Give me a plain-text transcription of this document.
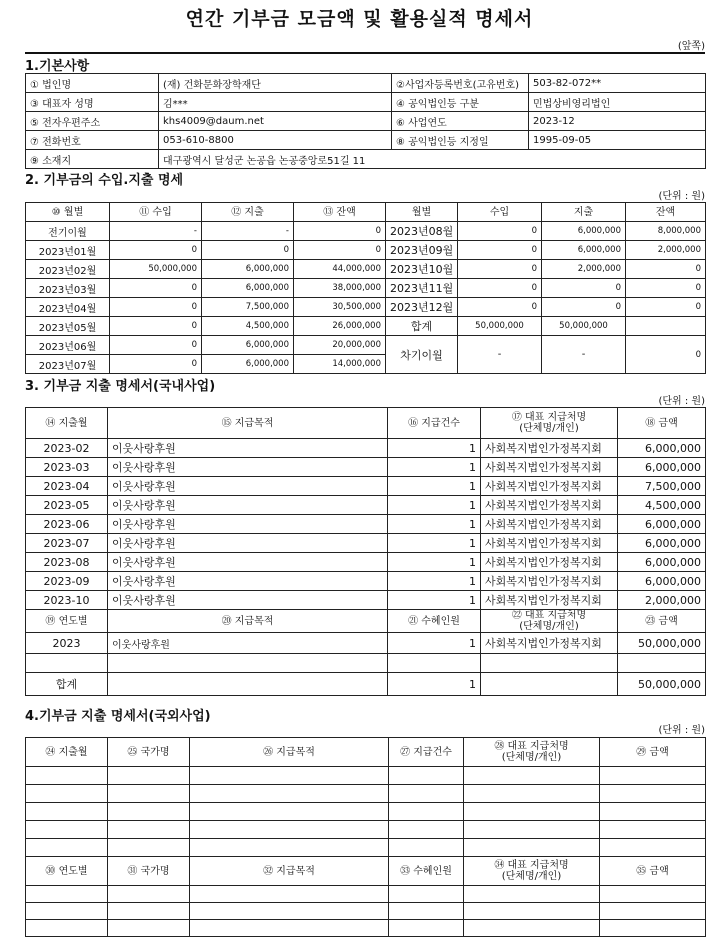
연간 기부금 모금액 및 활용실적 명세서
(앞쪽)
1.기본사항
① 법인명	(재) 건화문화장학재단	②사업자등록번호(고유번호)	503-82-072**
③ 대표자 성명	김***	④ 공익법인등 구분	민법상비영리법인
⑤ 전자우편주소	khs4009@daum.net	⑥ 사업연도	2023-12
⑦ 전화번호	053-610-8800	⑧ 공익법인등 지정일	1995-09-05
⑨ 소재지	대구광역시 달성군 논공읍 논공중앙로51길 11		
2. 기부금의 수입.지출 명세
(단위 : 원)
⑩ 월별	⑪ 수입	⑫ 지출	⑬ 잔액	월별	수입	지출	잔액
전기이월	-	-	0	2023년08월	0	6,000,000	8,000,000
2023년01월	0	0	0	2023년09월	0	6,000,000	2,000,000
2023년02월	50,000,000	6,000,000	44,000,000	2023년10월	0	2,000,000	0
2023년03월	0	6,000,000	38,000,000	2023년11월	0	0	0
2023년04월	0	7,500,000	30,500,000	2023년12월	0	0	0
2023년05월	0	4,500,000	26,000,000	합계	50,000,000	50,000,000	
2023년06월	0	6,000,000	20,000,000	차기이월	-	-	0
2023년07월	0	6,000,000	14,000,000				
3. 기부금 지출 명세서(국내사업)
(단위 : 원)
⑭ 지출월	⑮ 지급목적	⑯ 지급건수	⑰ 대표 지급처명
(단체명/개인)	⑱ 금액
2023-02	이웃사랑후원	1	사회복지법인가정복지회	6,000,000
2023-03	이웃사랑후원	1	사회복지법인가정복지회	6,000,000
2023-04	이웃사랑후원	1	사회복지법인가정복지회	7,500,000
2023-05	이웃사랑후원	1	사회복지법인가정복지회	4,500,000
2023-06	이웃사랑후원	1	사회복지법인가정복지회	6,000,000
2023-07	이웃사랑후원	1	사회복지법인가정복지회	6,000,000
2023-08	이웃사랑후원	1	사회복지법인가정복지회	6,000,000
2023-09	이웃사랑후원	1	사회복지법인가정복지회	6,000,000
2023-10	이웃사랑후원	1	사회복지법인가정복지회	2,000,000
⑲ 연도별	⑳ 지급목적	㉑ 수혜인원	㉒ 대표 지급처명
(단체명/개인)	㉓ 금액
2023	이웃사랑후원	1	사회복지법인가정복지회	50,000,000

합계		1		50,000,000
4.기부금 지출 명세서(국외사업)
(단위 : 원)
㉔ 지출월	㉕ 국가명	㉖ 지급목적	㉗ 지급건수	㉘ 대표 지급처명
(단체명/개인)	㉙ 금액

㉚ 연도별	㉛ 국가명	㉜ 지급목적	㉝ 수혜인원	㉞ 대표 지급처명
(단체명/개인)	㉟ 금액
